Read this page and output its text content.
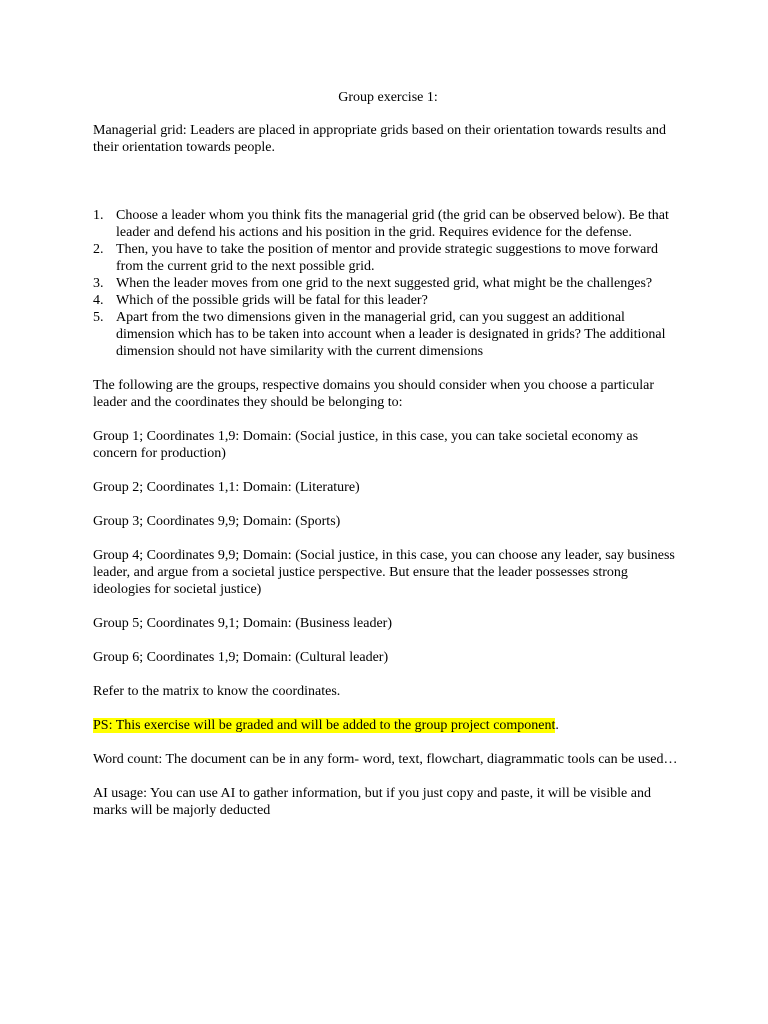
Group exercise 1:

Managerial grid: Leaders are placed in appropriate grids based on their orientation towards results and their orientation towards people.

1. Choose a leader whom you think fits the managerial grid (the grid can be observed below). Be that leader and defend his actions and his position in the grid. Requires evidence for the defense.
2. Then, you have to take the position of mentor and provide strategic suggestions to move forward from the current grid to the next possible grid.
3. When the leader moves from one grid to the next suggested grid, what might be the challenges?
4. Which of the possible grids will be fatal for this leader?
5. Apart from the two dimensions given in the managerial grid, can you suggest an additional dimension which has to be taken into account when a leader is designated in grids? The additional dimension should not have similarity with the current dimensions

The following are the groups, respective domains you should consider when you choose a particular leader and the coordinates they should be belonging to:

Group 1; Coordinates 1,9: Domain: (Social justice, in this case, you can take societal economy as concern for production)

Group 2; Coordinates 1,1: Domain: (Literature)

Group 3; Coordinates 9,9; Domain: (Sports)

Group 4; Coordinates 9,9; Domain: (Social justice, in this case, you can choose any leader, say business leader, and argue from a societal justice perspective. But ensure that the leader possesses strong ideologies for societal justice)

Group 5; Coordinates 9,1; Domain: (Business leader)

Group 6; Coordinates 1,9; Domain: (Cultural leader)

Refer to the matrix to know the coordinates.

PS: This exercise will be graded and will be added to the group project component.

Word count: The document can be in any form- word, text, flowchart, diagrammatic tools can be used…

AI usage: You can use AI to gather information, but if you just copy and paste, it will be visible and marks will be majorly deducted
